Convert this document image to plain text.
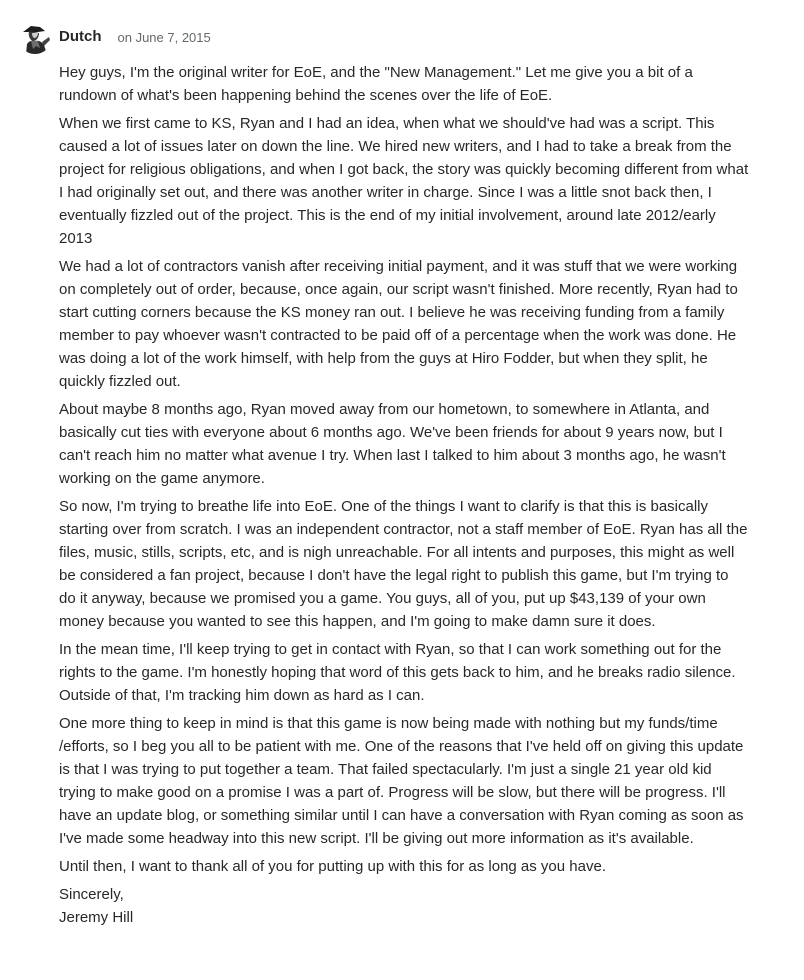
Dutch on June 7, 2015

Hey guys, I'm the original writer for EoE, and the "New Management." Let me give you a bit of a rundown of what's been happening behind the scenes over the life of EoE.

When we first came to KS, Ryan and I had an idea, when what we should've had was a script. This caused a lot of issues later on down the line. We hired new writers, and I had to take a break from the project for religious obligations, and when I got back, the story was quickly becoming different from what I had originally set out, and there was another writer in charge. Since I was a little snot back then, I eventually fizzled out of the project. This is the end of my initial involvement, around late 2012/early 2013

We had a lot of contractors vanish after receiving initial payment, and it was stuff that we were working on completely out of order, because, once again, our script wasn't finished. More recently, Ryan had to start cutting corners because the KS money ran out. I believe he was receiving funding from a family member to pay whoever wasn't contracted to be paid off of a percentage when the work was done. He was doing a lot of the work himself, with help from the guys at Hiro Fodder, but when they split, he quickly fizzled out.

About maybe 8 months ago, Ryan moved away from our hometown, to somewhere in Atlanta, and basically cut ties with everyone about 6 months ago. We've been friends for about 9 years now, but I can't reach him no matter what avenue I try. When last I talked to him about 3 months ago, he wasn't working on the game anymore.

So now, I'm trying to breathe life into EoE. One of the things I want to clarify is that this is basically starting over from scratch. I was an independent contractor, not a staff member of EoE. Ryan has all the files, music, stills, scripts, etc, and is nigh unreachable. For all intents and purposes, this might as well be considered a fan project, because I don't have the legal right to publish this game, but I'm trying to do it anyway, because we promised you a game. You guys, all of you, put up $43,139 of your own money because you wanted to see this happen, and I'm going to make damn sure it does.

In the mean time, I'll keep trying to get in contact with Ryan, so that I can work something out for the rights to the game. I'm honestly hoping that word of this gets back to him, and he breaks radio silence. Outside of that, I'm tracking him down as hard as I can.

One more thing to keep in mind is that this game is now being made with nothing but my funds/time /efforts, so I beg you all to be patient with me. One of the reasons that I've held off on giving this update is that I was trying to put together a team. That failed spectacularly. I'm just a single 21 year old kid trying to make good on a promise I was a part of. Progress will be slow, but there will be progress. I'll have an update blog, or something similar until I can have a conversation with Ryan coming as soon as I've made some headway into this new script. I'll be giving out more information as it's available.

Until then, I want to thank all of you for putting up with this for as long as you have.

Sincerely,
Jeremy Hill
